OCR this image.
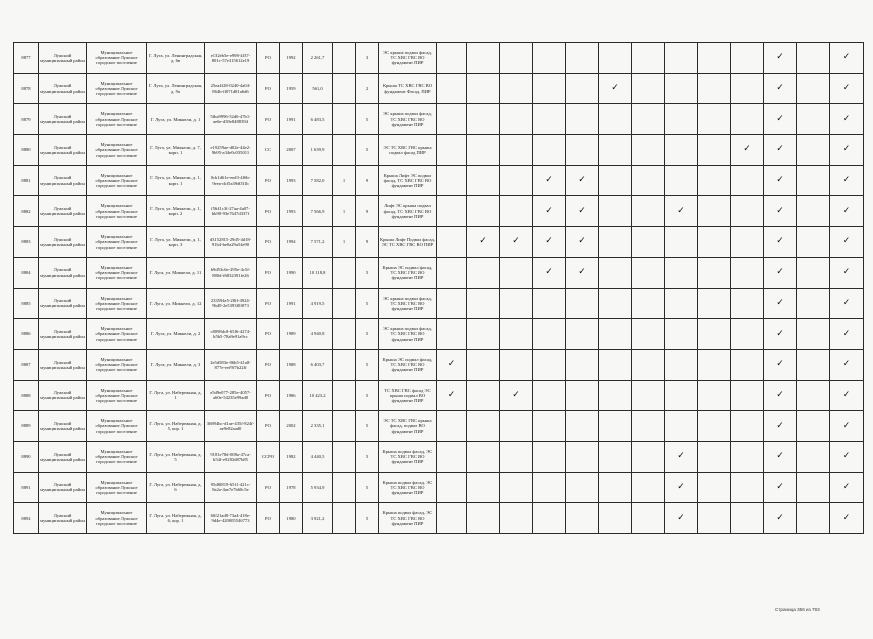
8877	Лужский муниципальный район	Муниципальное образование Лужское городское поселение	Г. Луга, ул. Ленинградская, д. 6в	e132eb5e-e998-4f37-801c-57e315612e19	РО	1992	2 261,7		3	ЭС крыша подвал фасад, ТС ХВС ГВС ВО фундамент ПИР											✓		✓
8878	Лужский муниципальный район	Муниципальное образование Лужское городское поселение	Г. Луга, ул. Ленинградская, д. 9а	25ea4f28-0240-4a04-864b-ff071d81a6d6	РО	1959	561,0		2	Крыша ТС ХВС ГВС ВО фундамент Фасад, ПИР						✓					✓		✓
8879	Лужский муниципальный район	Муниципальное образование Лужское городское поселение	Г. Луга, ул. Миккели, д. 1	5fba9996-52d6-47b1-ae6e-d39e8488394	РО	1991	6 483,5		5	ЭС крыша подвал фасад, ТС ХВС ГВС ВО фундамент ПИР											✓		✓
8880	Лужский муниципальный район	Муниципальное образование Лужское городское поселение	Г. Луга, ул. Миккели, д. 7, корп. 1	e19259ae-d02e-44e2-9b95-a34e0c035011	СС	2007	1 639,9		5	ЭС ТС ХВС ГВС крыша подвал фасад ПИР										✓	✓		✓
8881	Лужский муниципальный район	Муниципальное образование Лужское городское поселение	Г. Луга, ул. Миккели, д. 1, корп. 1	0cb1d61e-eed3-4f6b-9eea-dcf5a39d031b	РО	1993	7 582,0	1	9	Крыша Лифт ЭС подвал фасад, ТС ХВС ГВС ВО фундамент ПИР				✓	✓						✓		✓
8882	Лужский муниципальный район	Муниципальное образование Лужское городское поселение	Г. Луга, ул. Миккели, д. 1, корп. 2	f5641c3f-27aa-4a07-bb90-93e7647d337f	РО	1993	7 566,9	1	9	Лифт ЭС крыша подвал фасад, ТС ХВС ГВС ВО фундамент ПИР				✓	✓			✓			✓		✓
8883	Лужский муниципальный район	Муниципальное образование Лужское городское поселение	Г. Луга, ул. Миккели, д. 1, корп. 3	d3152815-29d5-4d18-91b4-be0a29a54e90	РО	1994	7 571,2	1	9	Крыша Лифт Подвал фасад, ЭС ТС ХВС ГВС ВО ПИР		✓	✓	✓	✓						✓		✓
8884	Лужский муниципальный район	Муниципальное образование Лужское городское поселение	Г. Луга, ул. Миккели, д. 11	b9d53c6e-295e-4c5f-880d-f6832391fe26	РО	1990	10 118,8		5	Крыша ЭС подвал фасад, ТС ХВС ГВС ВО фундамент ПИР				✓	✓						✓		✓
8885	Лужский муниципальный район	Муниципальное образование Лужское городское поселение	Г. Луга, ул. Миккели, д. 12	233594e5-28ff-4924-9b49-2e5393f0f073	РО	1991	4 919,5		5	ЭС крыша подвал фасад, ТС ХВС ГВС ВО фундамент ПИР											✓		✓
8886	Лужский муниципальный район	Муниципальное образование Лужское городское поселение	Г. Луга, ул. Миккели, д. 2	c8098dc8-65f6-4274-b5b5-78a9e91a9cc	РО	1989	4 940,8		5	ЭС крыша подвал фасад, ТС ХВС ГВС ВО фундамент ПИР											✓		✓
8887	Лужский муниципальный район	Муниципальное образование Лужское городское поселение	Г. Луга, ул. Миккели, д. 3	2e5d583e-06b5-41a8-877e-eef9f7b22ff	РО	1988	6 403,7		5	Крыша ЭС подвал фасад, ТС ХВС ГВС ВО фундамент ПИР	✓										✓		✓
8888	Лужский муниципальный район	Муниципальное образование Лужское городское поселение	Г. Луга, ул. Набережная, д. 1	e5d9e077-285e-4057-a60e-54235e99ad8	РО	1986	10 423,2		5	ТС ХВС ГВС фасад ЭС крыша подвал ВО фундамент ПИР	✓		✓								✓		✓
8889	Лужский муниципальный район	Муниципальное образование Лужское городское поселение	Г. Луга, ул. Набережная, д. 5, кор. 1	36894bc-d1ae-435f-824f-ae9e82aad0	РО	2002	2 335,1		5	ЭС ТС ХВС ГВС крыша фасад, подвал ВО фундамент ПИР											✓		✓
8890	Лужский муниципальный район	Муниципальное образование Лужское городское поселение	Г. Луга, ул. Набережная, д. 5	9181e78d-008a-47ca-b54f-e9283d87b85	ССРО	1982	4 440,5		5	Крыша подвал фасад, ЭС ТС ХВС ГВС ВО фундамент ПИР								✓			✓		✓
8891	Лужский муниципальный район	Муниципальное образование Лужское городское поселение	Г. Луга, ул. Набережная, д. 6	95d8f819-65f1-421c-8a2a-4ae7e7b60c5e	РО	1978	5 934,9		5	Крыша подвал фасад, ЭС ТС ХВС ГВС ВО фундамент ПИР								✓			✓		✓
8892	Лужский муниципальный район	Муниципальное образование Лужское городское поселение	Г. Луга, ул. Набережная, д. 6, кор. 1	60f21ad8-73a4-418e-9d4e-420005546773	РО	1980	3 921,2		5	Крыша подвал фасад, ЭС ТС ХВС ГВС ВО фундамент ПИР								✓			✓		✓
Страница 356 из 793
